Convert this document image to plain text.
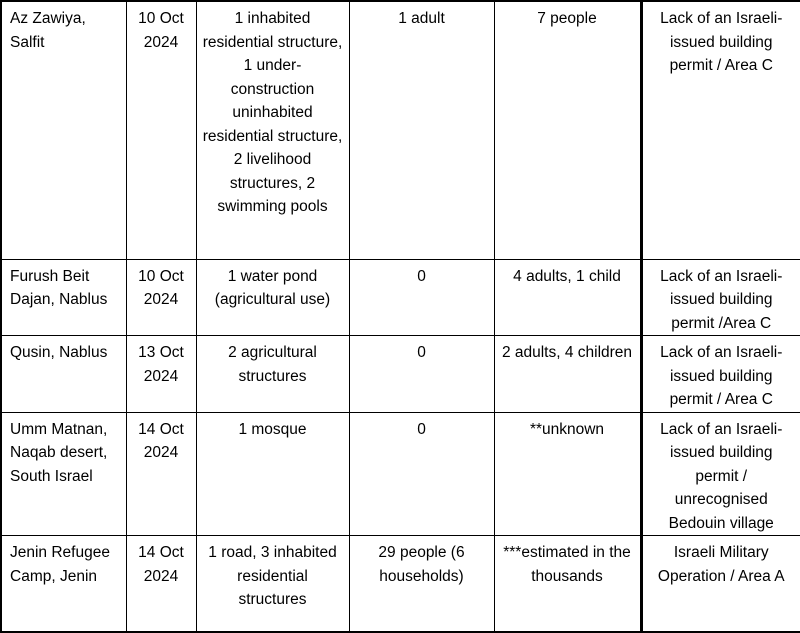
Az Zawiya, Salfit	10 Oct 2024	1 inhabited residential structure, 1 under-construction uninhabited residential structure, 2 livelihood structures, 2 swimming pools	1 adult	7 people	Lack of an Israeli-issued building permit / Area C
Furush Beit Dajan, Nablus	10 Oct 2024	1 water pond (agricultural use)	0	4 adults, 1 child	Lack of an Israeli-issued building permit /Area C
Qusin, Nablus	13 Oct 2024	2 agricultural structures	0	2 adults, 4 children	Lack of an Israeli-issued building permit / Area C
Umm Matnan, Naqab desert, South Israel	14 Oct 2024	1 mosque	0	**unknown	Lack of an Israeli-issued building permit / unrecognised Bedouin village
Jenin Refugee Camp, Jenin	14 Oct 2024	1 road, 3 inhabited residential structures	29 people (6 households)	***estimated in the thousands	Israeli Military Operation / Area A
